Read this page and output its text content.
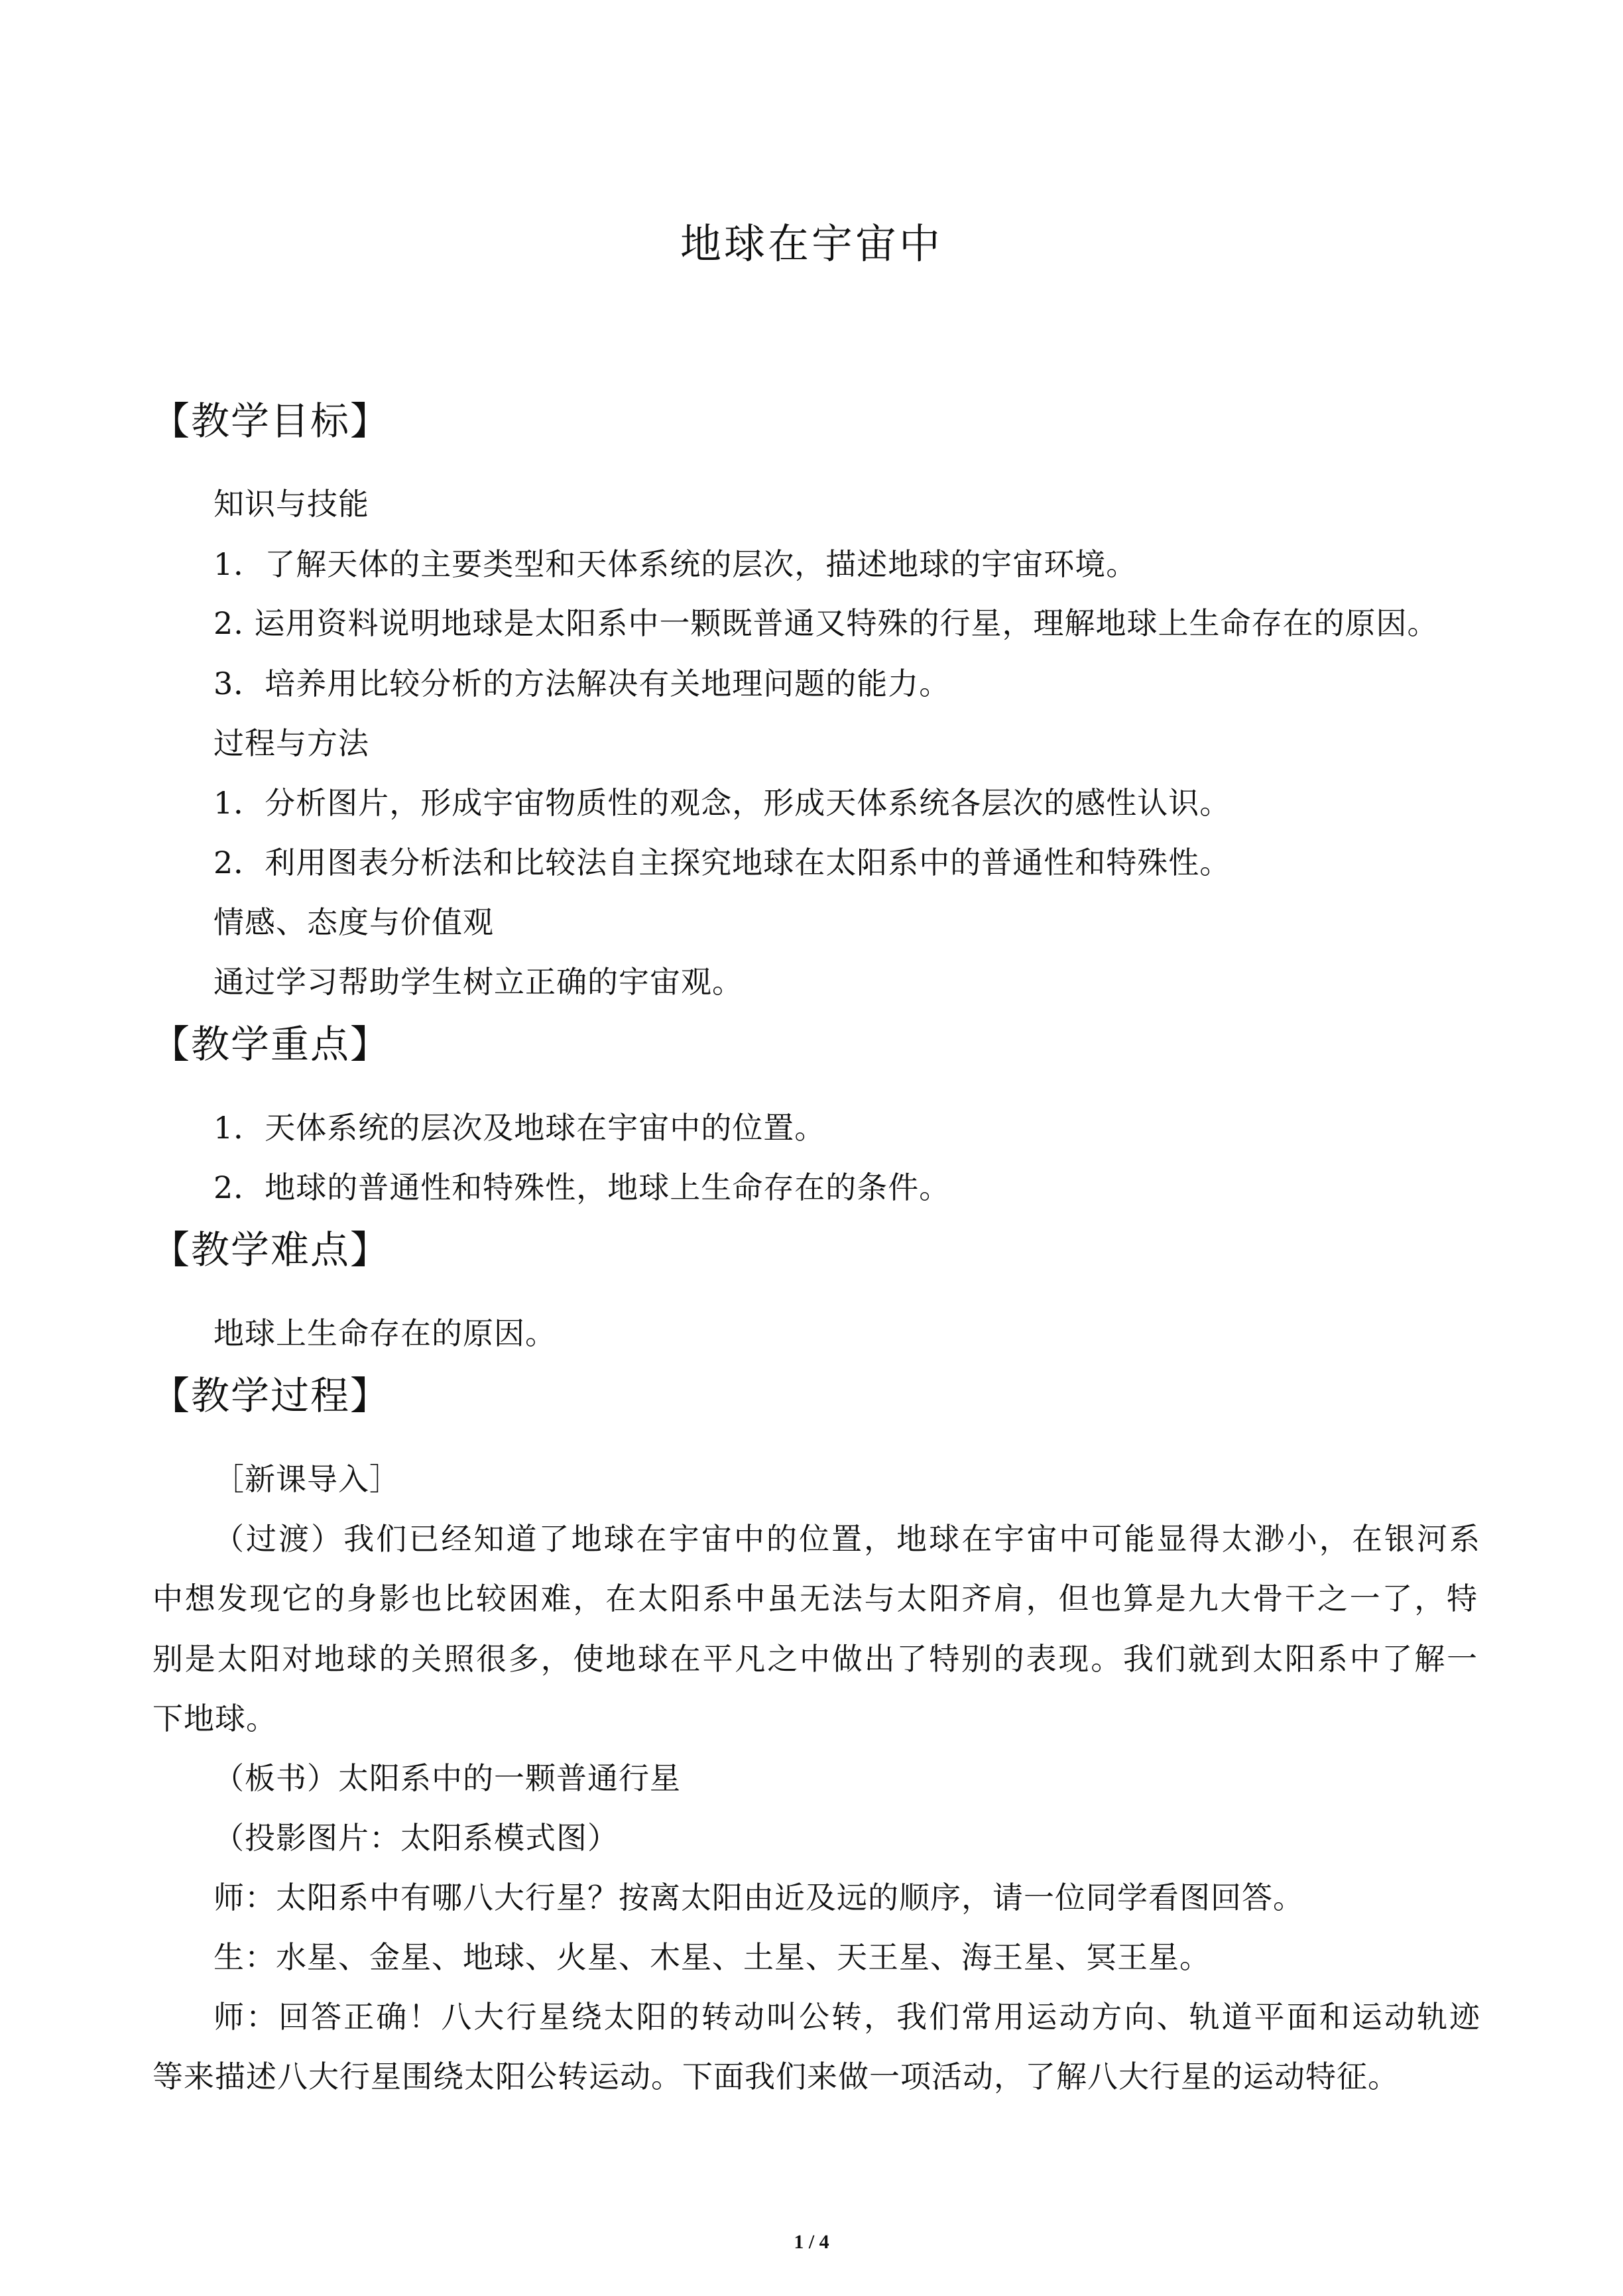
地球在宇宙中
【教学目标】

知识与技能

1．了解天体的主要类型和天体系统的层次，描述地球的宇宙环境。

2. 运用资料说明地球是太阳系中一颗既普通又特殊的行星，理解地球上生命存在的原因。

3．培养用比较分析的方法解决有关地理问题的能力。

过程与方法

1．分析图片，形成宇宙物质性的观念，形成天体系统各层次的感性认识。

2．利用图表分析法和比较法自主探究地球在太阳系中的普通性和特殊性。

情感、态度与价值观

通过学习帮助学生树立正确的宇宙观。

【教学重点】

1．天体系统的层次及地球在宇宙中的位置。

2．地球的普通性和特殊性，地球上生命存在的条件。

【教学难点】

地球上生命存在的原因。

【教学过程】

［新课导入］

（过渡）我们已经知道了地球在宇宙中的位置，地球在宇宙中可能显得太渺小，在银河系

中想发现它的身影也比较困难，在太阳系中虽无法与太阳齐肩，但也算是九大骨干之一了，特

别是太阳对地球的关照很多，使地球在平凡之中做出了特别的表现。我们就到太阳系中了解一

下地球。

（板书）太阳系中的一颗普通行星

（投影图片：太阳系模式图）

师：太阳系中有哪八大行星？按离太阳由近及远的顺序，请一位同学看图回答。

生：水星、金星、地球、火星、木星、土星、天王星、海王星、冥王星。

师：回答正确！八大行星绕太阳的转动叫公转，我们常用运动方向、轨道平面和运动轨迹

等来描述八大行星围绕太阳公转运动。下面我们来做一项活动，了解八大行星的运动特征。

1 / 4
